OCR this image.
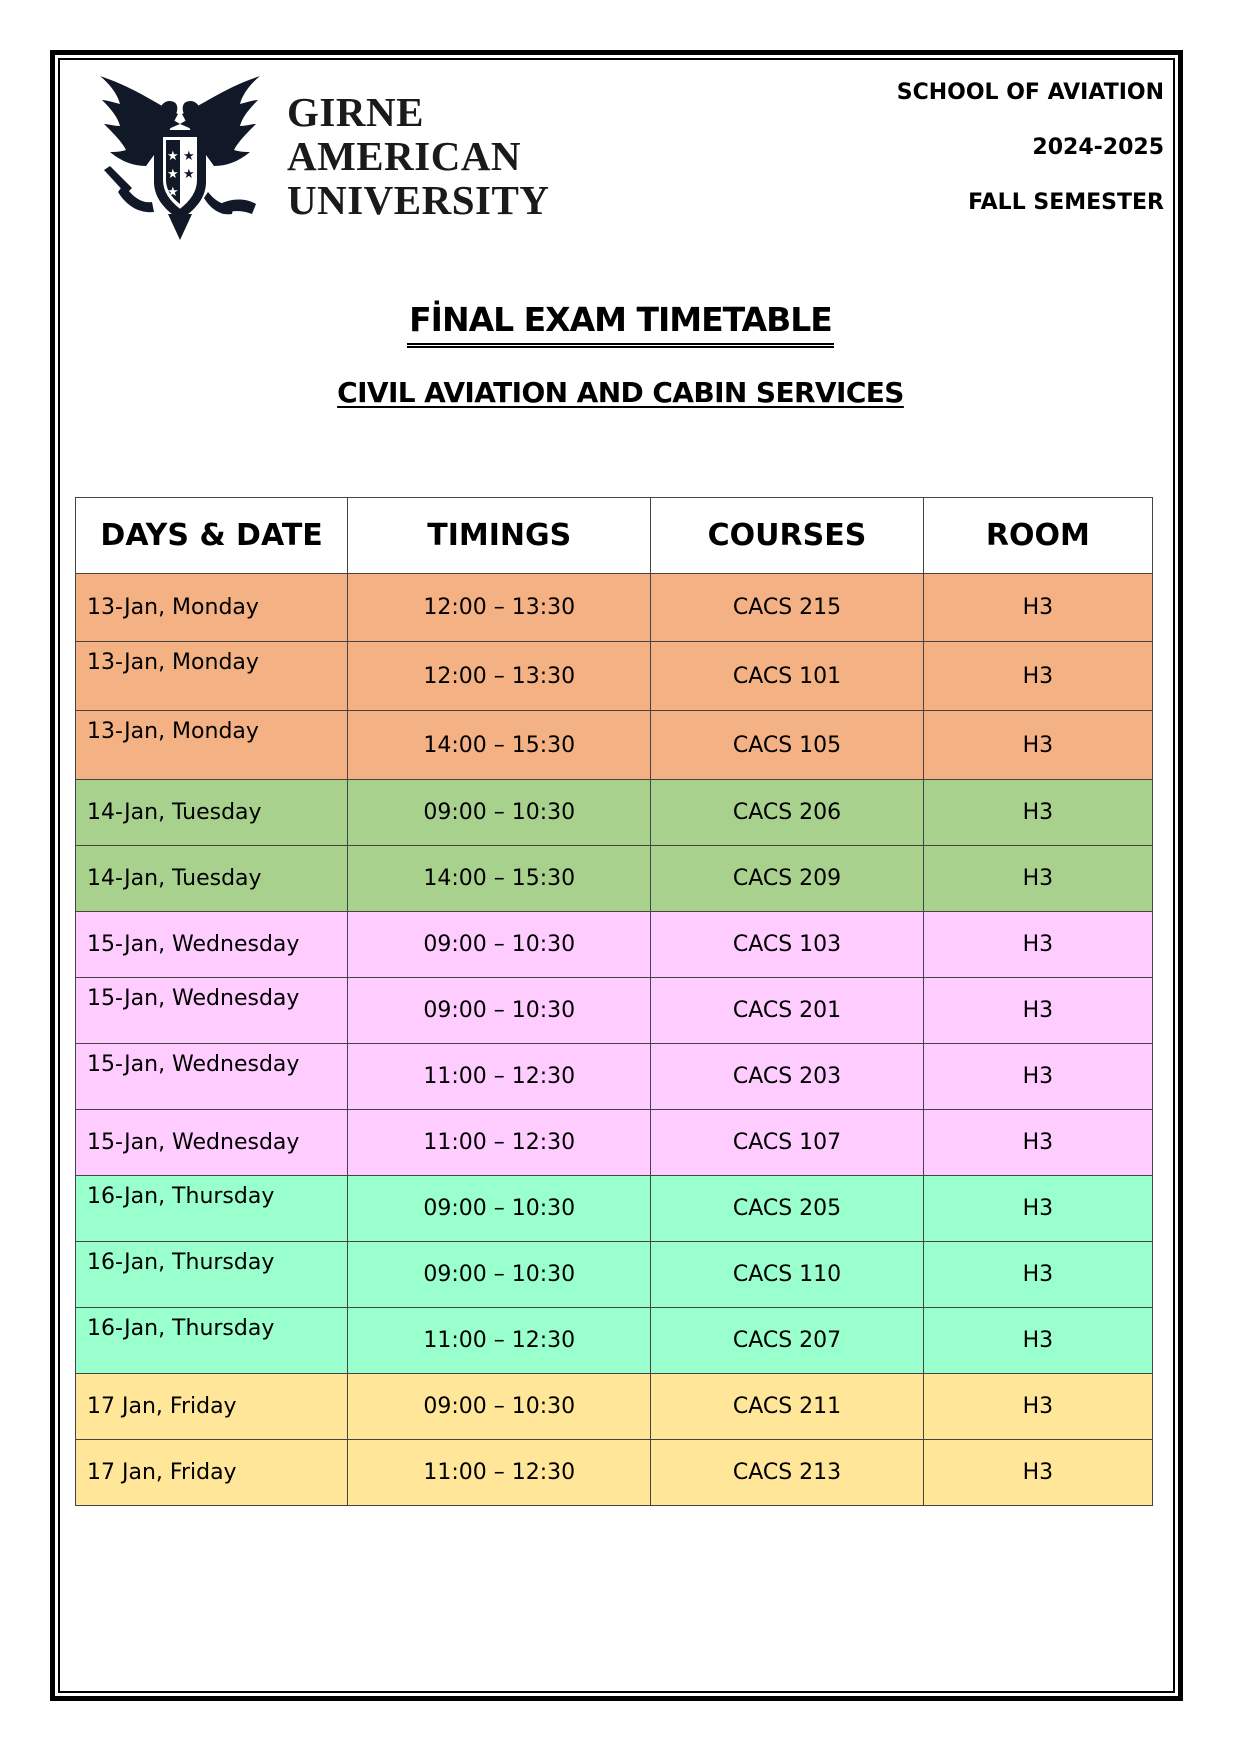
★
★
★
★
★
GIRNE
AMERICAN
UNIVERSITY
SCHOOL OF AVIATION
2024-2025
FALL SEMESTER
FİNAL EXAM TIMETABLE
CIVIL AVIATION AND CABIN SERVICES
DAYS & DATE	TIMINGS	COURSES	ROOM
13-Jan, Monday	12:00 – 13:30	CACS 215	H3
13-Jan, Monday	12:00 – 13:30	CACS 101	H3
13-Jan, Monday	14:00 – 15:30	CACS 105	H3
14-Jan, Tuesday	09:00 – 10:30	CACS 206	H3
14-Jan, Tuesday	14:00 – 15:30	CACS 209	H3
15-Jan, Wednesday	09:00 – 10:30	CACS 103	H3
15-Jan, Wednesday	09:00 – 10:30	CACS 201	H3
15-Jan, Wednesday	11:00 – 12:30	CACS 203	H3
15-Jan, Wednesday	11:00 – 12:30	CACS 107	H3
16-Jan, Thursday	09:00 – 10:30	CACS 205	H3
16-Jan, Thursday	09:00 – 10:30	CACS 110	H3
16-Jan, Thursday	11:00 – 12:30	CACS 207	H3
17 Jan, Friday	09:00 – 10:30	CACS 211	H3
17 Jan, Friday	11:00 – 12:30	CACS 213	H3
